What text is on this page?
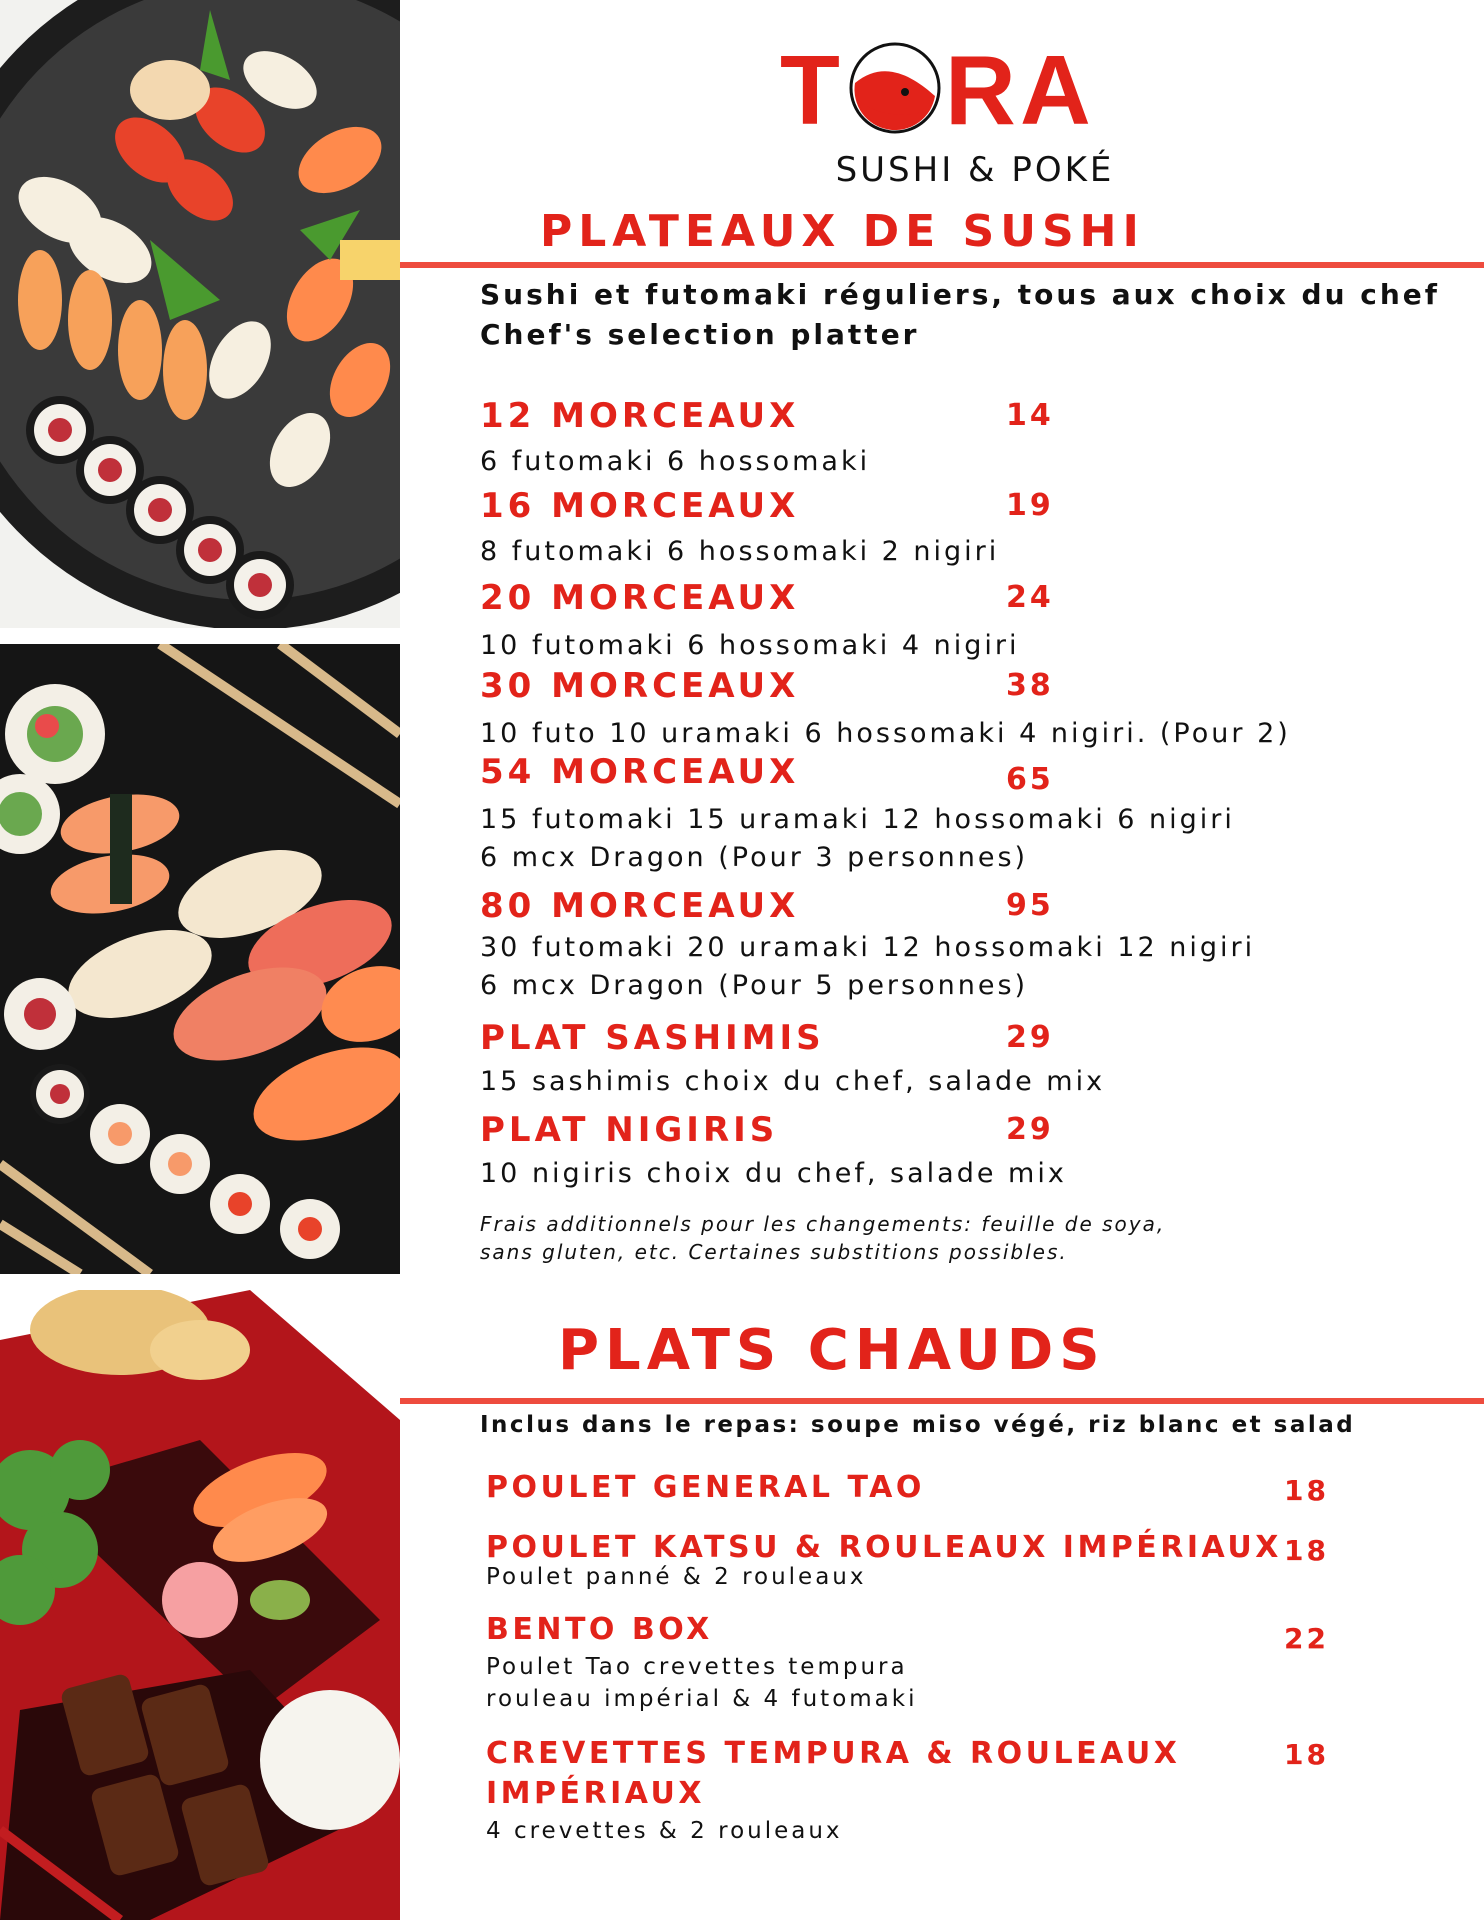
T R A
SUSHI & POKÉ
PLATEAUX DE SUSHI
Sushi et futomaki réguliers, tous aux choix du chef
Chef's selection platter
12 MORCEAUX	14
6 futomaki 6 hossomaki
16 MORCEAUX	19
8 futomaki 6 hossomaki 2 nigiri
20 MORCEAUX	24
10 futomaki 6 hossomaki 4 nigiri
30 MORCEAUX	38
10 futo 10 uramaki 6 hossomaki 4 nigiri. (Pour 2)
54 MORCEAUX	65
15 futomaki 15 uramaki 12 hossomaki 6 nigiri
6 mcx Dragon (Pour 3 personnes)
80 MORCEAUX	95
30 futomaki 20 uramaki 12 hossomaki 12 nigiri
6 mcx Dragon (Pour 5 personnes)
PLAT SASHIMIS	29
15 sashimis choix du chef, salade mix
PLAT NIGIRIS	29
10 nigiris choix du chef, salade mix
Frais additionnels pour les changements: feuille de soya,
sans gluten, etc. Certaines substitions possibles.
PLATS CHAUDS
Inclus dans le repas: soupe miso végé, riz blanc et salad
POULET GENERAL TAO	18
POULET KATSU & ROULEAUX IMPÉRIAUX 18
Poulet panné & 2 rouleaux
BENTO BOX	22
Poulet Tao crevettes tempura
rouleau impérial & 4 futomaki
CREVETTES TEMPURA & ROULEAUX	18
IMPÉRIAUX
4 crevettes & 2 rouleaux
